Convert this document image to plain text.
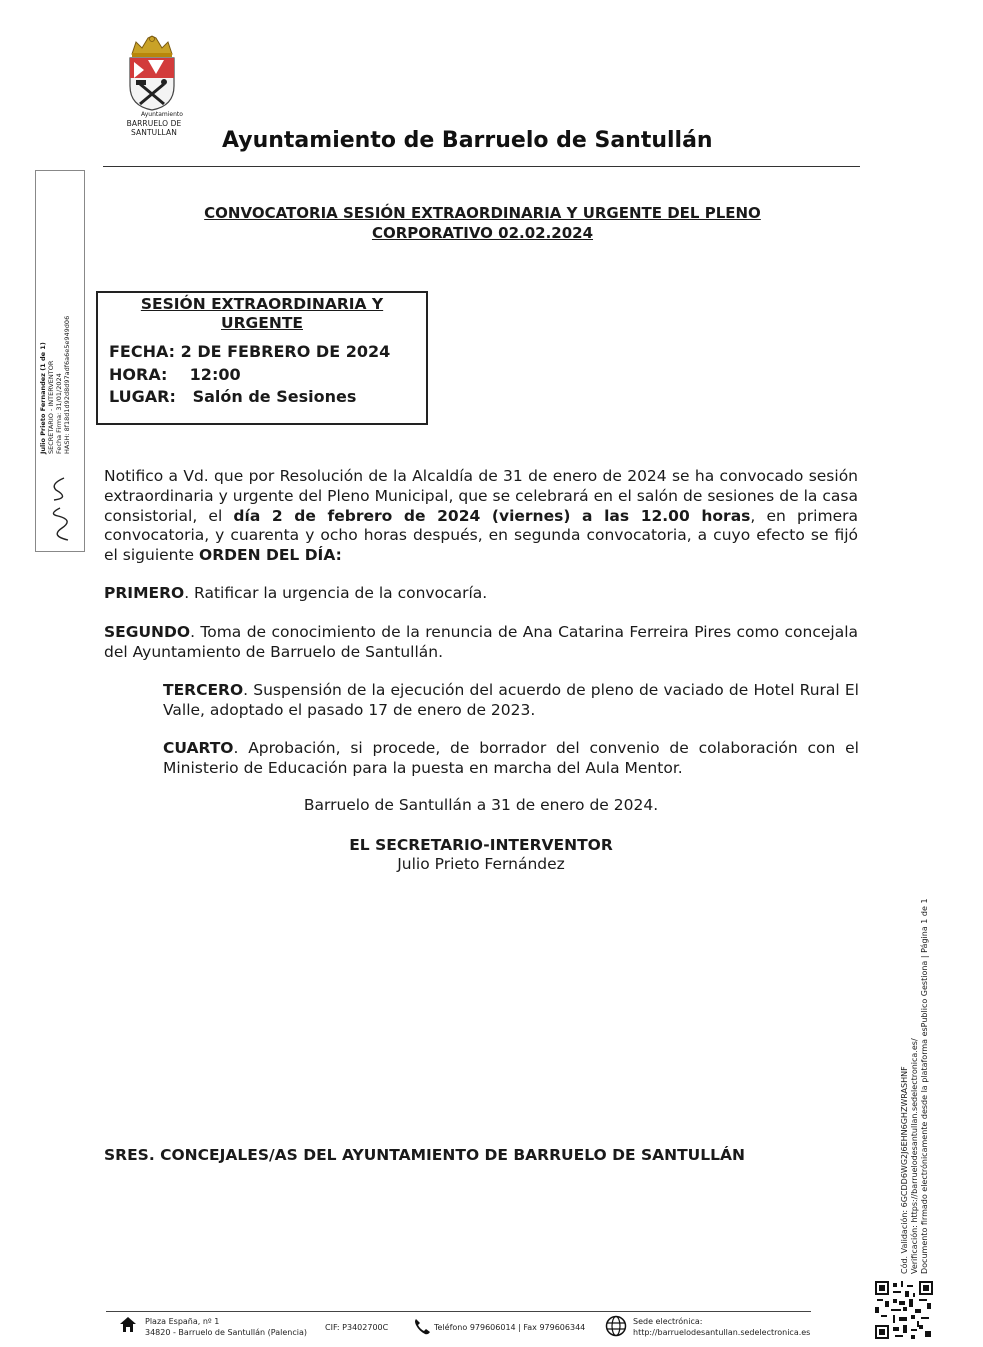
Ayuntamiento
BARRUELO DE SANTULLAN	Ayuntamiento de Barruelo de Santullán
CONVOCATORIA SESIÓN EXTRAORDINARIA Y URGENTE DEL PLENO
CORPORATIVO 02.02.2024
SESIÓN EXTRAORDINARIA Y
URGENTE
FECHA: 2 DE FEBRERO DE 2024
HORA:    12:00
LUGAR:   Salón de Sesiones
Notifico a Vd. que por Resolución de la Alcaldía de 31 de enero de 2024 se ha convocado sesión extraordinaria y urgente del Pleno Municipal, que se celebrará en el salón de sesiones de la casa consistorial, el día 2 de febrero de 2024 (viernes) a las 12.00 horas, en primera convocatoria, y cuarenta y ocho horas después, en segunda convocatoria, a cuyo efecto se fijó el siguiente ORDEN DEL DÍA:
PRIMERO. Ratificar la urgencia de la convocaría.
SEGUNDO. Toma de conocimiento de la renuncia de Ana Catarina Ferreira Pires como concejala del Ayuntamiento de Barruelo de Santullán.
TERCERO. Suspensión de la ejecución del acuerdo de pleno de vaciado de Hotel Rural El Valle, adoptado el pasado 17 de enero de 2023.
CUARTO. Aprobación, si procede, de borrador del convenio de colaboración con el Ministerio de Educación para la puesta en marcha del Aula Mentor.
Barruelo de Santullán a 31 de enero de 2024.
EL SECRETARIO-INTERVENTOR
Julio Prieto Fernández
SRES. CONCEJALES/AS DEL AYUNTAMIENTO DE BARRUELO DE SANTULLÁN
Julio Prieto Fernandez (1 de 1) SECRETARIO - INTERVENTOR Fecha Firma: 31/01/2024 HASH: 8f18d1d92d8d97adf6a6e5e949d06
Cód. Validación: 6GCDD6WG2J6EHN6GHZWRASHNF Verificación: https://barruelodesantullan.sedelectronica.es/ Documento firmado electrónicamente desde la plataforma esPublico Gestiona | Página 1 de 1
Plaza España, nº 1
34820 - Barruelo de Santullán (Palencia)
CIF: P3402700C	Teléfono 979606014 | Fax 979606344
Sede electrónica:
http://barruelodesantullan.sedelectronica.es
